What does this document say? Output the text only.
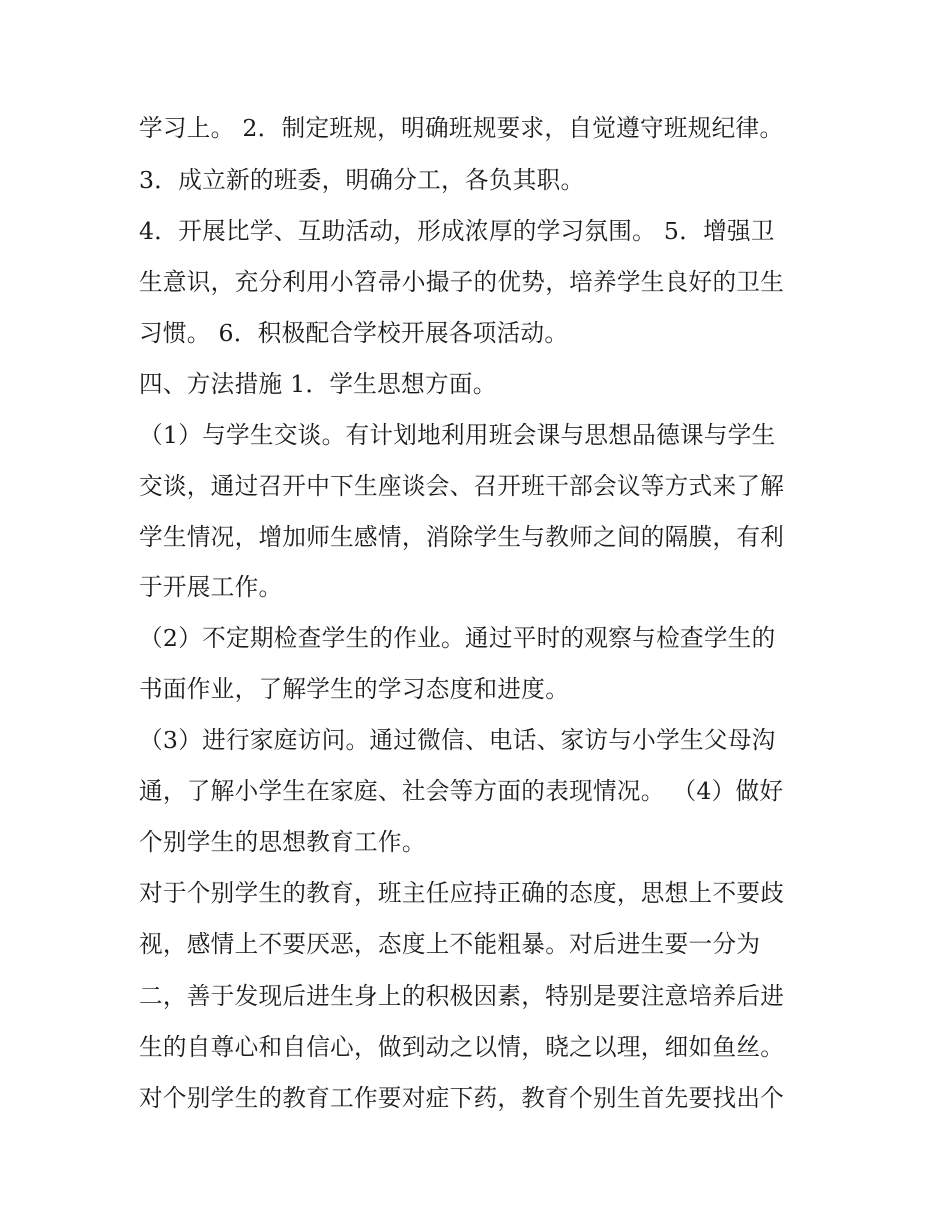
学习上。 2．制定班规，明确班规要求，自觉遵守班规纪律。
3．成立新的班委，明确分工，各负其职。
4．开展比学、互助活动，形成浓厚的学习氛围。 5．增强卫
生意识，充分利用小笤帚小撮子的优势，培养学生良好的卫生
习惯。 6．积极配合学校开展各项活动。
四、方法措施 1．学生思想方面。
（1）与学生交谈。有计划地利用班会课与思想品德课与学生
交谈，通过召开中下生座谈会、召开班干部会议等方式来了解
学生情况，增加师生感情，消除学生与教师之间的隔膜，有利
于开展工作。
（2）不定期检查学生的作业。通过平时的观察与检查学生的
书面作业，了解学生的学习态度和进度。
（3）进行家庭访问。通过微信、电话、家访与小学生父母沟
通，了解小学生在家庭、社会等方面的表现情况。 （4）做好
个别学生的思想教育工作。
对于个别学生的教育，班主任应持正确的态度，思想上不要歧
视，感情上不要厌恶，态度上不能粗暴。对后进生要一分为
二，善于发现后进生身上的积极因素，特别是要注意培养后进
生的自尊心和自信心，做到动之以情，晓之以理，细如鱼丝。
对个别学生的教育工作要对症下药，教育个别生首先要找出个
